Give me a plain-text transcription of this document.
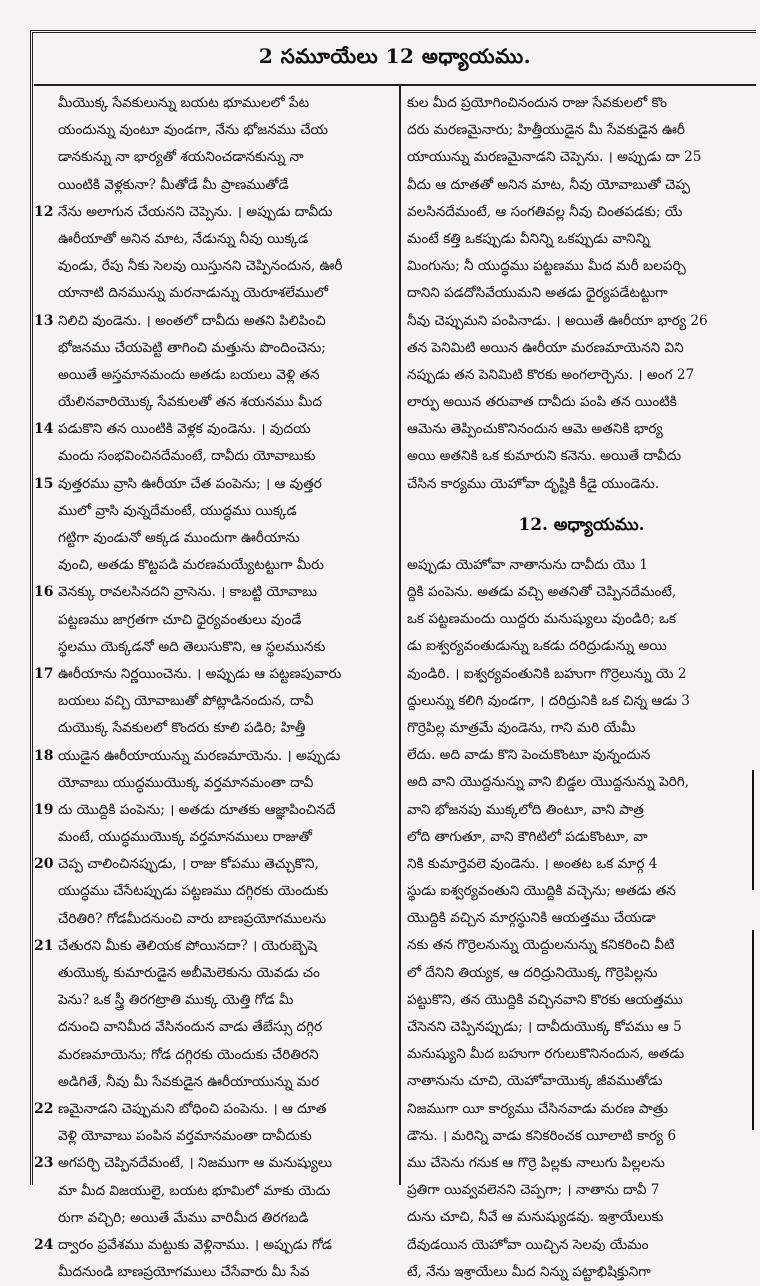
2 సమూయేలు 12 అధ్యాయము.
మీయొక్క సేవకులున్ను బయట భూములలో పేట
యందున్ను వుంటూ వుండగా, నేను భోజనము చేయ
డానకున్ను నా భార్యతో శయనించడానకున్ను నా
యింటికి వెళ్లకునా? మీతోడే మీ ప్రాణముతోడే
12 నేను అలాగున చేయనని చెప్పెను. । అప్పుడు దావీదు
ఊరీయాతో అనిన మాట, నేడున్ను నీవు యిక్కడ
వుండు, రేపు నీకు సెలవు యిస్తునని చెప్పినందున, ఊరీ
యానాటి దినమున్ను మరనాడున్ను యెరూశలేములో
13 నిలిచి వుండెను. । అంతలో దావీదు అతని పిలిపించి
భోజనము చేయపెట్టి తాగించి మత్తును పొందించెను;
అయితే అస్తమానమందు అతడు బయలు వెళ్లి తన
యేలినవారియొక్క సేవకులతో తన శయనము మీద
14 పడుకొని తన యింటికి వెళ్లక వుండెను. । వుదయ
మందు సంభవించినదేమంటే, దావీదు యోవాబుకు
15 వుత్తరము వ్రాసి ఊరీయా చేత పంపెను; । ఆ వుత్తర
ములో వ్రాసి వున్నదేమంటే, యుద్ధము యిక్కడ
గట్టిగా వుండునో అక్కడ ముందుగా ఊరీయాను
వుంచి, అతడు కొట్టపడి మరణమయ్యేటట్టుగా మీరు
16 వెనక్కు రావలసినదని వ్రాసెను. । కాబట్టి యోవాబు
పట్టణము జాగ్రతగా చూచి ధైర్యవంతులు వుండే
స్థలము యెక్కడనో అది తెలుసుకొని, ఆ స్థలమునకు
17 ఊరీయాను నిర్ణయించెను. । అప్పుడు ఆ పట్టణపువారు
బయలు వచ్చి యోవాబుతో పోట్లాడినందున, దావీ
దుయొక్క సేవకులలో కొందరు కూలి పడిరి; హిత్తీ
18 యుడైన ఊరీయాయున్ను మరణమాయెను. । అప్పుడు
యోవాబు యుద్ధముయొక్క వర్తమానమంతా దావీ
19 దు యొద్దికి పంపెను; । అతడు దూతకు ఆజ్ఞాపించినదే
మంటే, యుద్ధముయొక్క వర్తమానములు రాజుతో
20 చెప్ప చాలించినప్పుడు, । రాజు కోపము తెచ్చుకొని,
యుద్ధము చేసేటప్పుడు పట్టణము దగ్గిరకు యెందుకు
చేరితిరి? గోడమీదనుంచి వారు బాణప్రయోగములను
21 చేతురని మీకు తెలియక పోయినదా? । యెరుబ్బెషె
తుయొక్క కుమారుడైన అబీమెలెకును యెవడు చం
పెను? ఒక స్త్రీ తిరగట్రాతి ముక్క యెత్తి గోడ మీ
దనుంచి వానిమీద వేసినందున వాడు తేబేస్సు దగ్గిర
మరణమాయెను; గోడ దగ్గిరకు యెందుకు చేరితిరని
అడిగితే, నీవు మీ సేవకుడైన ఊరీయాయున్ను మర
22 ణమైనాడని చెప్పుమని బోధించి పంపెను. । ఆ దూత
వెళ్లి యోవాబు పంపిన వర్తమానమంతా దావీదుకు
23 అగపర్చి చెప్పినదేమంటే, । నిజముగా ఆ మనుష్యులు
మా మీద విజయులై, బయట భూమిలో మాకు యెదు
రుగా వచ్చిరి; అయితే మేము వారిమీద తిరగబడి
24 ద్వారం ప్రవేశము మట్టుకు వెళ్లినాము. । అప్పుడు గోడ
మీదనుండి బాణప్రయోగములు చేసేవారు మీ సేవ
కుల మీద ప్రయోగించినందున రాజు సేవకులలో కొం
దరు మరణమైనారు; హిత్తీయుడైన మీ సేవకుడైన ఊరీ
యాయున్ను మరణమైనాడని చెప్పెను. । అప్పుడు దా 25
వీదు ఆ దూతతో అనిన మాట, నీవు యోవాబుతో చెప్ప
వలసినదేమంటే, ఆ సంగతివల్ల నీవు చింతపడకు; యే
మంటే కత్తి ఒకప్పుడు వీనిన్ని ఒకప్పుడు వానిన్ని
మింగును; నీ యుద్ధము పట్టణము మీద మరీ బలపర్చి
దానిని పడదోసివేయుమని అతడు ధైర్యపడేటట్టుగా
నీవు చెప్పుమని పంపినాడు. । అయితే ఊరీయా భార్య 26
తన పెనిమిటి అయిన ఊరీయా మరణమాయెనని విని
నప్పుడు తన పెనిమిటి కొరకు అంగలార్చెను. । అంగ 27
లార్పు అయిన తరువాత దావీదు పంపి తన యింటికి
ఆమెను తెప్పించుకొనినందున ఆమె అతనికి భార్య
అయి అతనికి ఒక కుమారుని కనెను. అయితే దావీదు
చేసిన కార్యము యెహోవా దృష్టికి కీడై యుండెను.
12. అధ్యాయము.
అప్పుడు యెహోవా నాతానును దావీదు యొ 1
ద్దికి పంపెను. అతడు వచ్చి అతనితో చెప్పినదేమంటే,
ఒక పట్టణమందు యిద్దరు మనుష్యులు వుండిరి; ఒక
డు ఐశ్వర్యవంతుడున్ను ఒకడు దరిద్రుడున్ను అయి
వుండిరి. । ఐశ్వర్యవంతునికి బహుగా గొర్రెలున్ను యె 2
ద్దులున్ను కలిగి వుండగా, । దరిద్రునికి ఒక చిన్న ఆడు 3
గొర్రెపిల్ల మాత్రమే వుండెను, గాని మరి యేమీ
లేదు. అది వాడు కొని పెంచుకొంటూ వున్నందున
అది వాని యొద్దనున్ను వాని బిడ్డల యొద్దనున్ను పెరిగి,
వాని భోజనపు ముక్కలోది తింటూ, వాని పాత్ర
లోది తాగుతూ, వాని కౌగిటిలో పడుకొంటూ, వా
నికి కుమార్తెవలె వుండెను. । అంతట ఒక మార్గ 4
స్థుడు ఐశ్వర్యవంతుని యొద్దికి వచ్చెను; అతడు తన
యొద్దికి వచ్చిన మార్గస్థునికి ఆయత్తము చేయడా
నకు తన గొర్రెలనున్ను యెద్దులనున్ను కనికరించి వీటి
లో దేనిని తియ్యక, ఆ దరిద్రునియొక్క గొర్రెపిల్లను
పట్టుకొని, తన యొద్దికి వచ్చినవాని కొరకు ఆయత్తము
చేసెనని చెప్పినప్పుడు; । దావీదుయొక్క కోపము ఆ 5
మనుష్యుని మీద బహుగా రగులుకొనినందున, అతడు
నాతానును చూచి, యెహోవాయొక్క జీవముతోడు
నిజముగా యీ కార్యము చేసినవాడు మరణ పాత్రు
డౌను. । మరిన్ని వాడు కనికరించక యీలాటి కార్య 6
ము చేసెను గనుక ఆ గొర్రె పిల్లకు నాలుగు పిల్లలను
ప్రతిగా యివ్వవలెనని చెప్పగా; । నాతాను దావీ 7
దును చూచి, నీవే ఆ మనుష్యుడవు. ఇశ్రాయేలుకు
దేవుడయిన యెహోవా యిచ్చిన సెలవు యేమం
టే, నేను ఇశ్రాయేలు మీద నిన్ను పట్టాభిషిక్తునిగా
